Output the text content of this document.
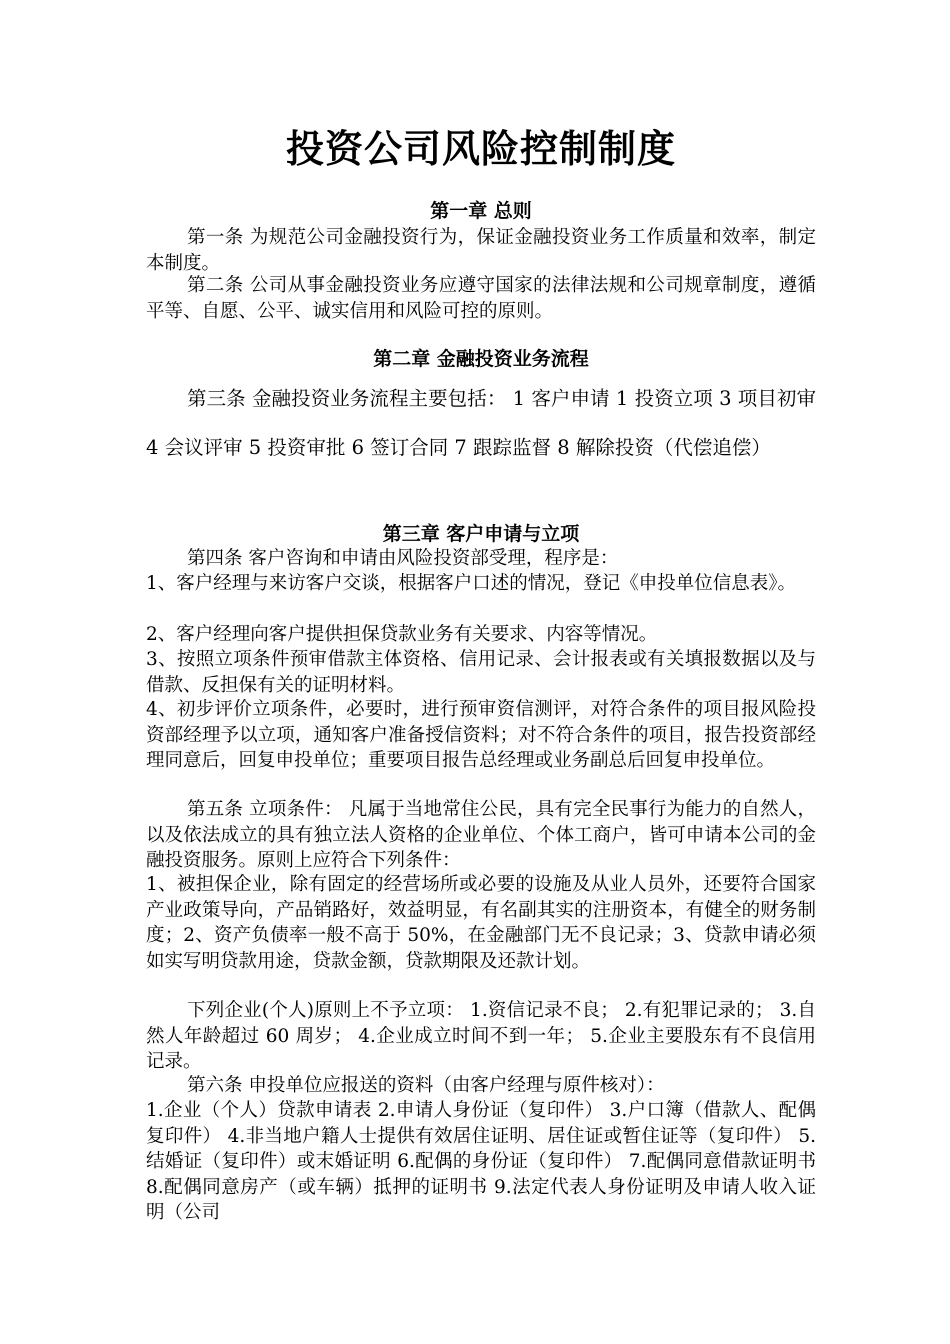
投资公司风险控制制度
第一章 总则

第一条 为规范公司金融投资行为，保证金融投资业务工作质量和效率，制定本制度。

第二条 公司从事金融投资业务应遵守国家的法律法规和公司规章制度，遵循平等、自愿、公平、诚实信用和风险可控的原则。

第二章 金融投资业务流程

第三条 金融投资业务流程主要包括： 1 客户申请 1 投资立项 3 项目初审 4 会议评审 5 投资审批 6 签订合同 7 跟踪监督 8 解除投资（代偿追偿）

第三章 客户申请与立项

第四条 客户咨询和申请由风险投资部受理，程序是：

1、客户经理与来访客户交谈，根据客户口述的情况，登记《申投单位信息表》。

2、客户经理向客户提供担保贷款业务有关要求、内容等情况。

3、按照立项条件预审借款主体资格、信用记录、会计报表或有关填报数据以及与借款、反担保有关的证明材料。

4、初步评价立项条件，必要时，进行预审资信测评，对符合条件的项目报风险投资部经理予以立项，通知客户准备授信资料；对不符合条件的项目，报告投资部经理同意后，回复申投单位；重要项目报告总经理或业务副总后回复申投单位。

第五条 立项条件： 凡属于当地常住公民，具有完全民事行为能力的自然人，以及依法成立的具有独立法人资格的企业单位、个体工商户，皆可申请本公司的金融投资服务。原则上应符合下列条件：

1、被担保企业，除有固定的经营场所或必要的设施及从业人员外，还要符合国家产业政策导向，产品销路好，效益明显，有名副其实的注册资本，有健全的财务制度；2、资产负债率一般不高于 50%，在金融部门无不良记录；3、贷款申请必须如实写明贷款用途，贷款金额，贷款期限及还款计划。

下列企业(个人)原则上不予立项： 1.资信记录不良； 2.有犯罪记录的； 3.自然人年龄超过 60 周岁； 4.企业成立时间不到一年； 5.企业主要股东有不良信用记录。

第六条 申投单位应报送的资料（由客户经理与原件核对）：

1.企业（个人）贷款申请表 2.申请人身份证（复印件） 3.户口簿（借款人、配偶复印件） 4.非当地户籍人士提供有效居住证明、居住证或暂住证等（复印件） 5.结婚证（复印件）或末婚证明 6.配偶的身份证（复印件） 7.配偶同意借款证明书 8.配偶同意房产（或车辆）抵押的证明书 9.法定代表人身份证明及申请人收入证明（公司
